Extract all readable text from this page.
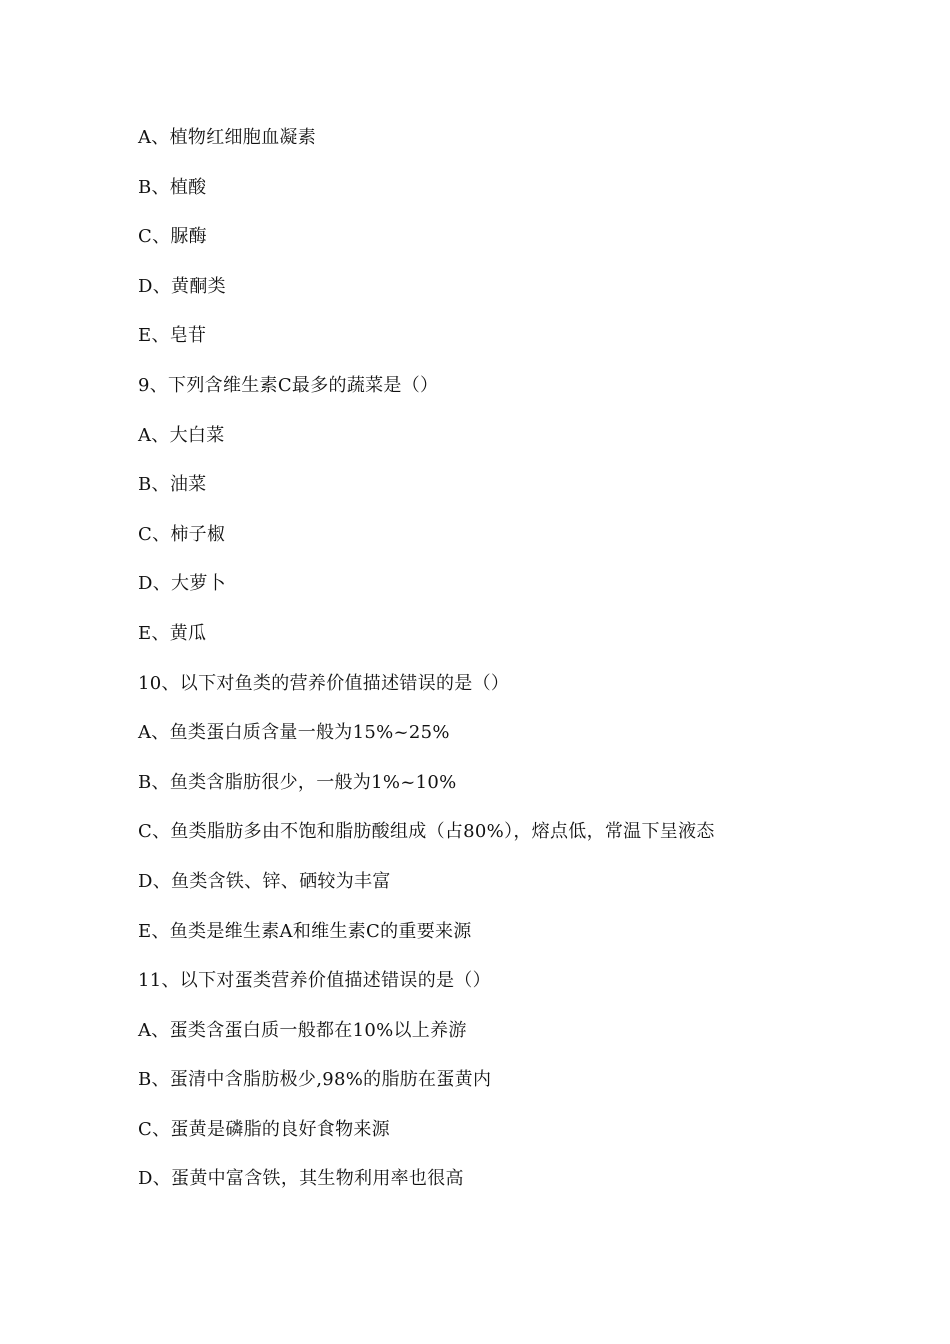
A、植物红细胞血凝素
B、植酸
C、脲酶
D、黄酮类
E、皂苷
9、下列含维生素C最多的蔬菜是（）
A、大白菜
B、油菜
C、柿子椒
D、大萝卜
E、黄瓜
10、以下对鱼类的营养价值描述错误的是（）
A、鱼类蛋白质含量一般为15%~25%
B、鱼类含脂肪很少，一般为1%~10%
C、鱼类脂肪多由不饱和脂肪酸组成（占80%），熔点低，常温下呈液态
D、鱼类含铁、锌、硒较为丰富
E、鱼类是维生素A和维生素C的重要来源
11、以下对蛋类营养价值描述错误的是（）
A、蛋类含蛋白质一般都在10%以上养游
B、蛋清中含脂肪极少,98%的脂肪在蛋黄内
C、蛋黄是磷脂的良好食物来源
D、蛋黄中富含铁，其生物利用率也很高
